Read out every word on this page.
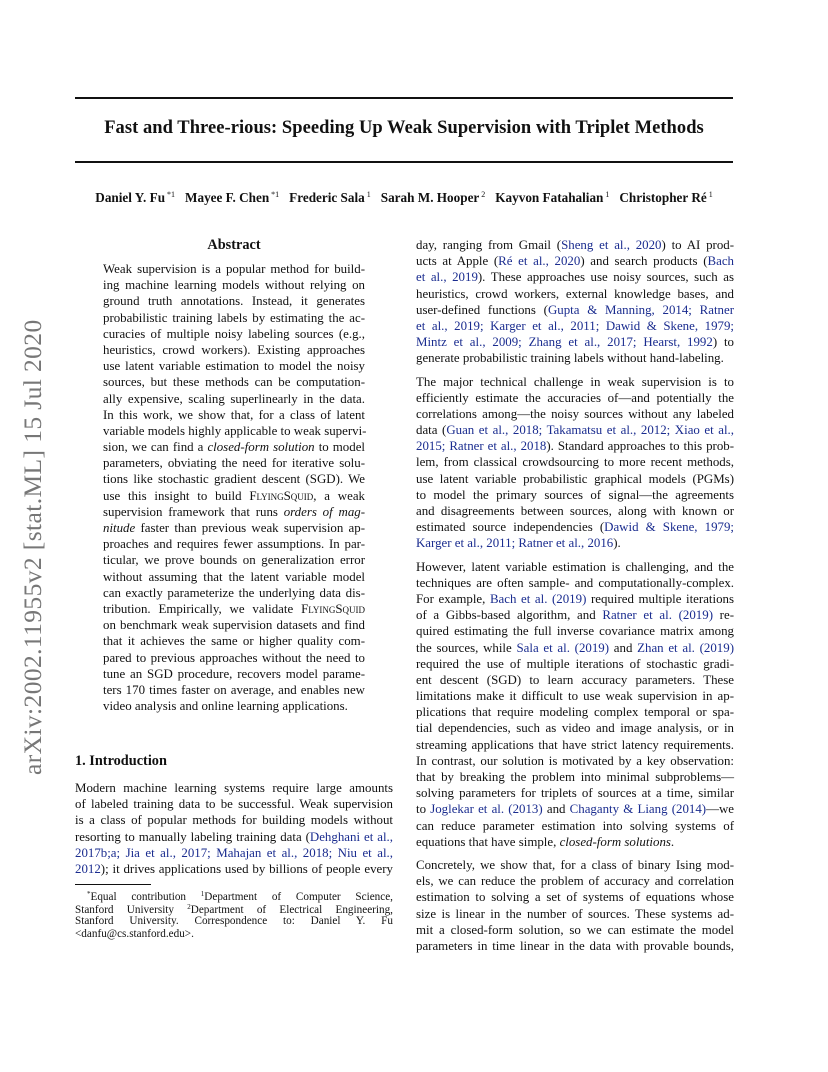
Fast and Three-rious: Speeding Up Weak Supervision with Triplet Methods
Daniel Y. Fu $^{*1}$ Mayee F. Chen $^{*1}$ Frederic Sala $^1$ Sarah M. Hooper $^2$ Kayvon Fatahalian $^1$ Christopher Ré $^1$
arXiv:2002.11955v2 [stat.ML] 15 Jul 2020
Abstract
Weak supervision is a popular method for build-
ing machine learning models without relying on
ground truth annotations. Instead, it generates
probabilistic training labels by estimating the ac-
curacies of multiple noisy labeling sources (e.g.,
heuristics, crowd workers). Existing approaches
use latent variable estimation to model the noisy
sources, but these methods can be computation-
ally expensive, scaling superlinearly in the data.
In this work, we show that, for a class of latent
variable models highly applicable to weak supervi-
sion, we can find a closed-form solution to model
parameters, obviating the need for iterative solu-
tions like stochastic gradient descent (SGD). We
use this insight to build FlyingSquid, a weak
supervision framework that runs orders of mag-
nitude faster than previous weak supervision ap-
proaches and requires fewer assumptions. In par-
ticular, we prove bounds on generalization error
without assuming that the latent variable model
can exactly parameterize the underlying data dis-
tribution. Empirically, we validate FlyingSquid
on benchmark weak supervision datasets and find
that it achieves the same or higher quality com-
pared to previous approaches without the need to
tune an SGD procedure, recovers model parame-
ters 170 times faster on average, and enables new
video analysis and online learning applications.
1. Introduction
Modern machine learning systems require large amounts
of labeled training data to be successful. Weak supervision
is a class of popular methods for building models without
resorting to manually labeling training data (Dehghani et al.,
2017b;a; Jia et al., 2017; Mahajan et al., 2018; Niu et al.,
2012); it drives applications used by billions of people every
*Equal contribution $^1$Department of Computer Science,
Stanford University $^2$Department of Electrical Engineering,
Stanford University. Correspondence to: Daniel Y. Fu
<danfu@cs.stanford.edu>.
day, ranging from Gmail (Sheng et al., 2020) to AI prod-
ucts at Apple (Ré et al., 2020) and search products (Bach
et al., 2019). These approaches use noisy sources, such as
heuristics, crowd workers, external knowledge bases, and
user-defined functions (Gupta & Manning, 2014; Ratner
et al., 2019; Karger et al., 2011; Dawid & Skene, 1979;
Mintz et al., 2009; Zhang et al., 2017; Hearst, 1992) to
generate probabilistic training labels without hand-labeling.
The major technical challenge in weak supervision is to
efficiently estimate the accuracies of—and potentially the
correlations among—the noisy sources without any labeled
data (Guan et al., 2018; Takamatsu et al., 2012; Xiao et al.,
2015; Ratner et al., 2018). Standard approaches to this prob-
lem, from classical crowdsourcing to more recent methods,
use latent variable probabilistic graphical models (PGMs)
to model the primary sources of signal—the agreements
and disagreements between sources, along with known or
estimated source independencies (Dawid & Skene, 1979;
Karger et al., 2011; Ratner et al., 2016).
However, latent variable estimation is challenging, and the
techniques are often sample- and computationally-complex.
For example, Bach et al. (2019) required multiple iterations
of a Gibbs-based algorithm, and Ratner et al. (2019) re-
quired estimating the full inverse covariance matrix among
the sources, while Sala et al. (2019) and Zhan et al. (2019)
required the use of multiple iterations of stochastic gradi-
ent descent (SGD) to learn accuracy parameters. These
limitations make it difficult to use weak supervision in ap-
plications that require modeling complex temporal or spa-
tial dependencies, such as video and image analysis, or in
streaming applications that have strict latency requirements.
In contrast, our solution is motivated by a key observation:
that by breaking the problem into minimal subproblems—
solving parameters for triplets of sources at a time, similar
to Joglekar et al. (2013) and Chaganty & Liang (2014)—we
can reduce parameter estimation into solving systems of
equations that have simple, closed-form solutions.
Concretely, we show that, for a class of binary Ising mod-
els, we can reduce the problem of accuracy and correlation
estimation to solving a set of systems of equations whose
size is linear in the number of sources. These systems ad-
mit a closed-form solution, so we can estimate the model
parameters in time linear in the data with provable bounds,
